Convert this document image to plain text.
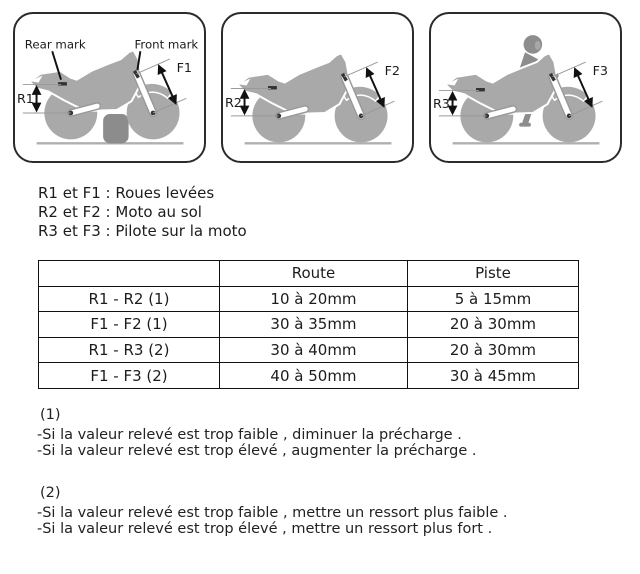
R1
F1
Rear mark	Front mark
R2
F2
R3
F3
R1 et F1 : Roues levées
R2 et F2 : Moto au sol
R3 et F3 : Pilote sur la moto
	Route	Piste
R1 - R2 (1)	10 à 20mm	5 à 15mm
F1 - F2 (1)	30 à 35mm	20 à 30mm
R1 - R3 (2)	30 à 40mm	20 à 30mm
F1 - F3 (2)	40 à 50mm	30 à 45mm

(1)

-Si la valeur relevé est trop faible , diminuer la précharge .

-Si la valeur relevé est trop élevé , augmenter la précharge .

(2)

-Si la valeur relevé est trop faible , mettre un ressort plus faible .

-Si la valeur relevé est trop élevé , mettre un ressort plus fort .
